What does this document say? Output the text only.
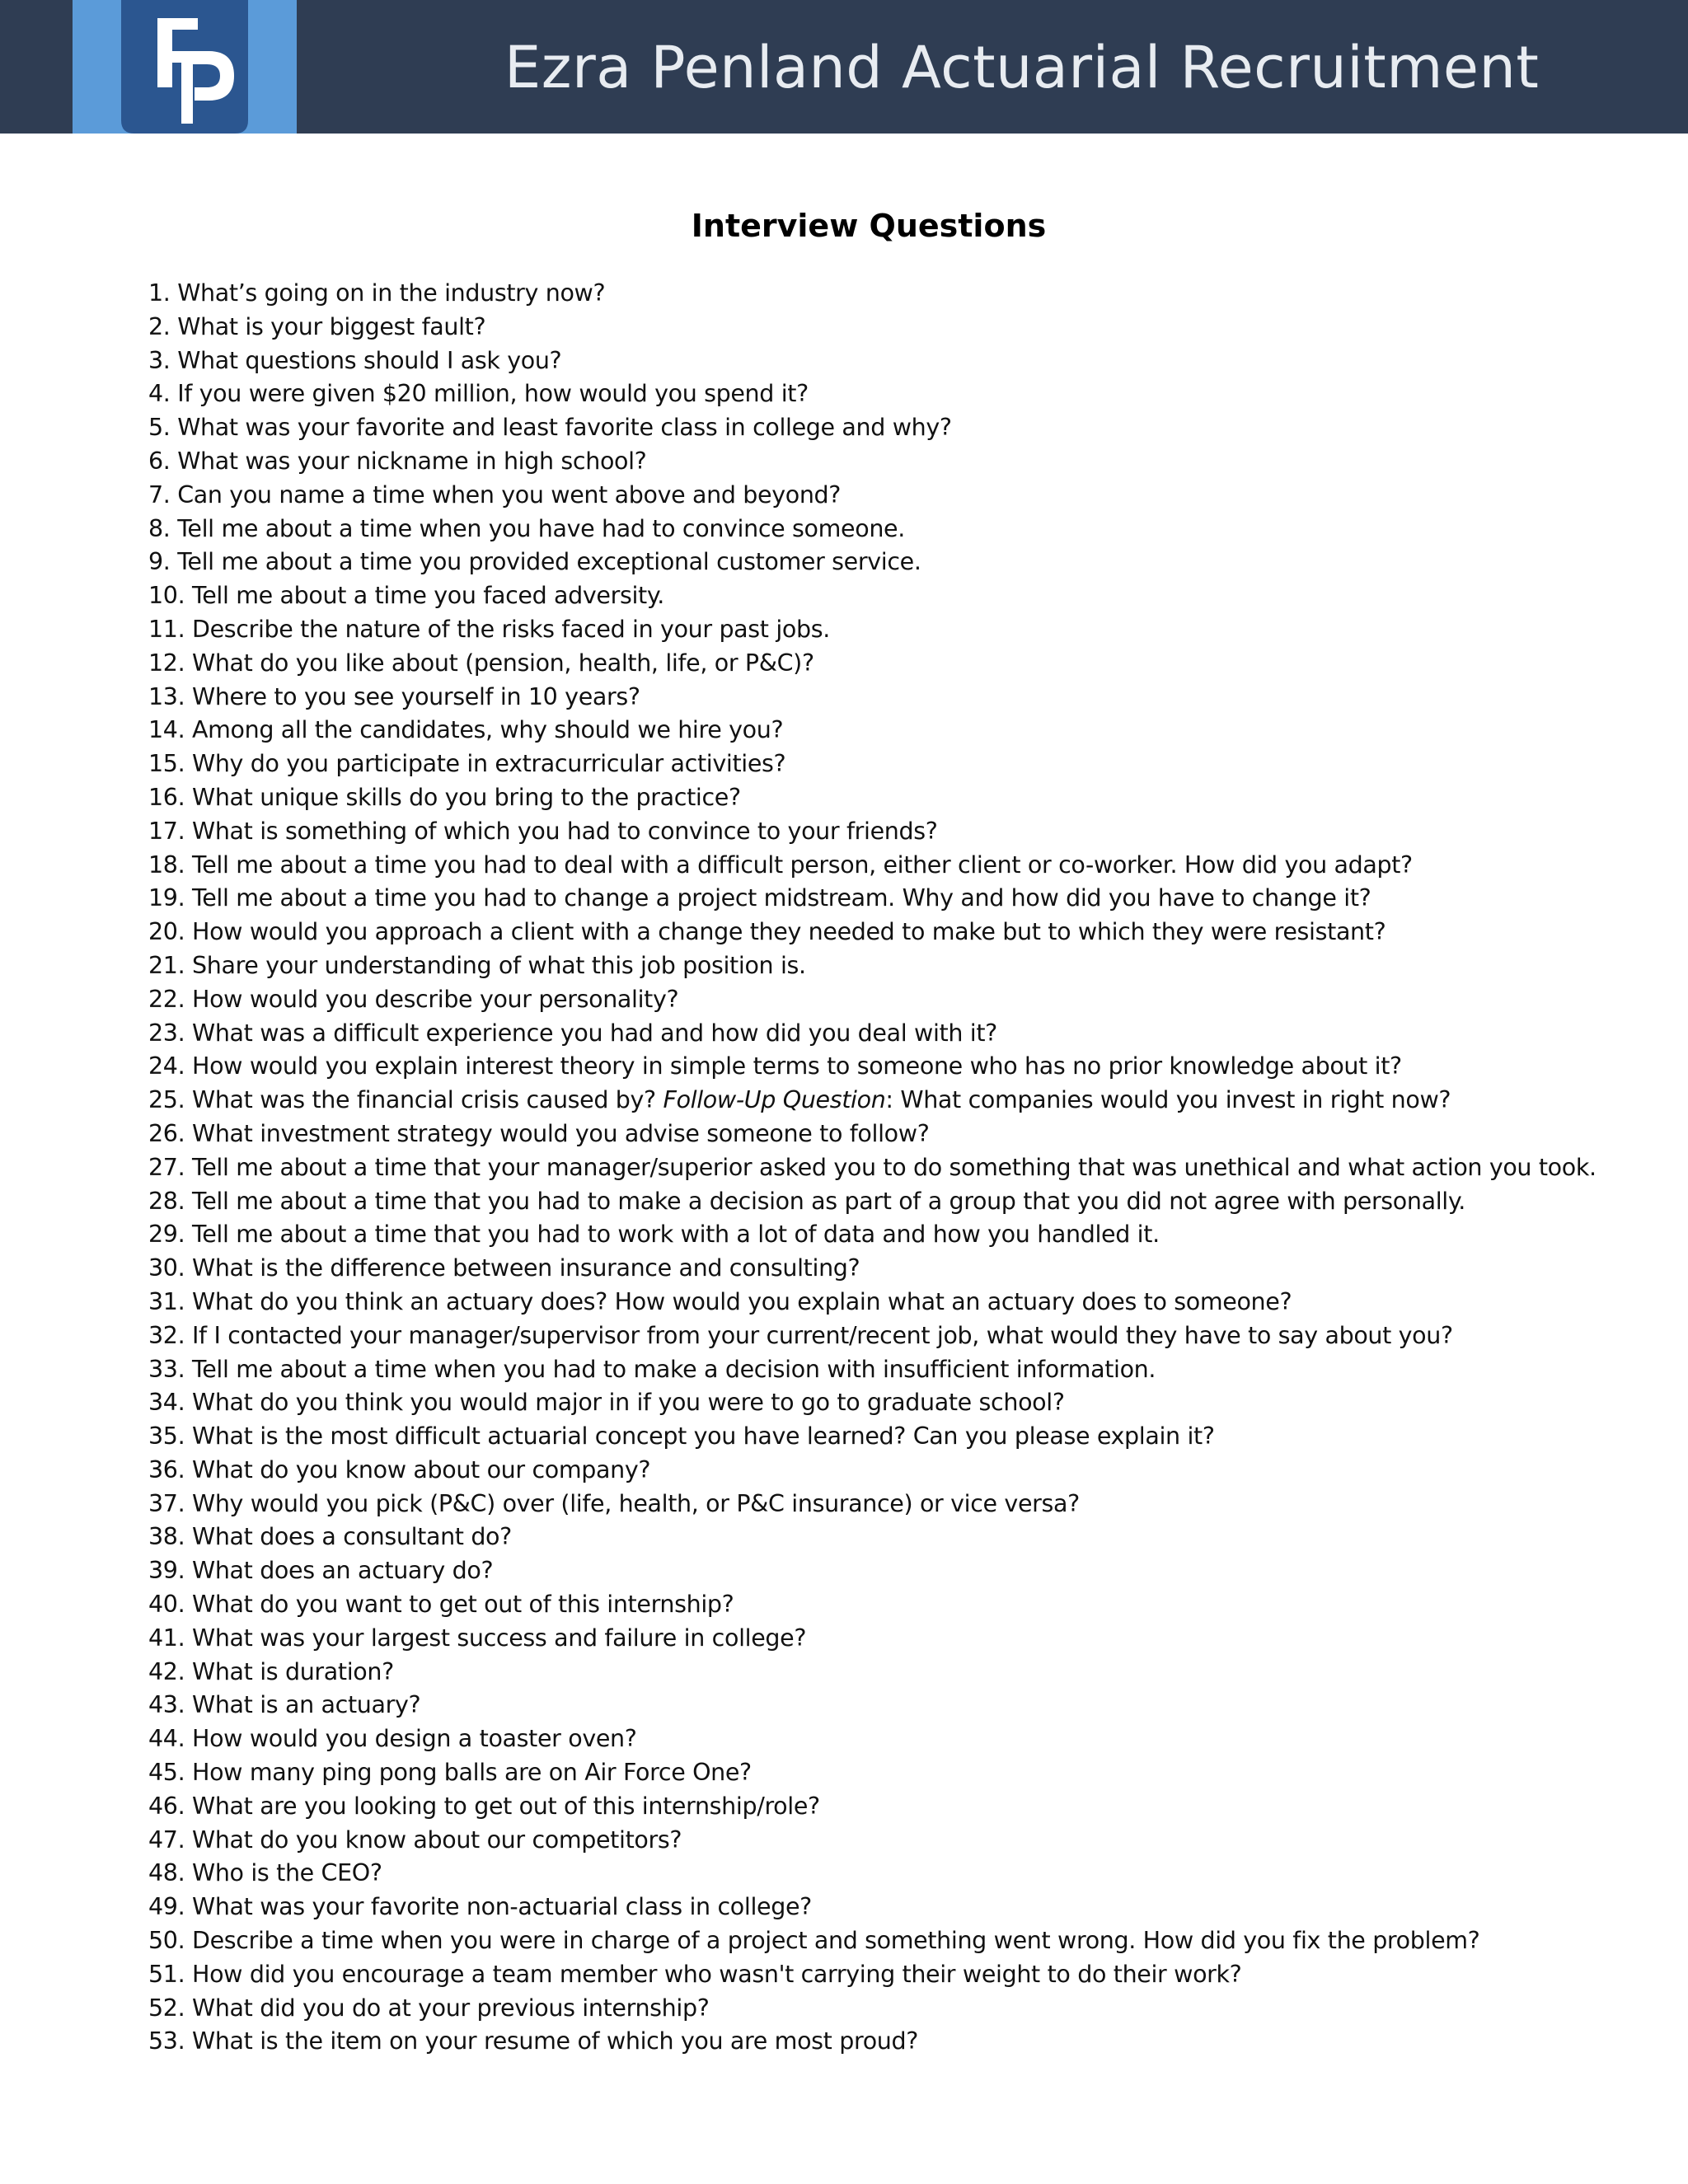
Ezra Penland Actuarial Recruitment
Interview Questions
1 . What’s going on in the industry now?
2 . What is your biggest fault?
3 . What questions should I ask you?
4 . If you were given $20 million, how would you spend it?
5 . What was your favorite and least favorite class in college and why?
6 . What was your nickname in high school?
7 . Can you name a time when you went above and beyond?
8 . Tell me about a time when you have had to convince someone.
9 . Tell me about a time you provided exceptional customer service.
10 . Tell me about a time you faced adversity.
11 . Describe the nature of the risks faced in your past jobs.
12 . What do you like about (pension, health, life, or P&C)?
13 . Where to you see yourself in 10 years?
14 . Among all the candidates, why should we hire you?
15 . Why do you participate in extracurricular activities?
16 . What unique skills do you bring to the practice?
17 . What is something of which you had to convince to your friends?
18 . Tell me about a time you had to deal with a difficult person, either client or co-worker. How did you adapt?
19 . Tell me about a time you had to change a project midstream. Why and how did you have to change it?
20 . How would you approach a client with a change they needed to make but to which they were resistant?
21 . Share your understanding of what this job position is.
22 . How would you describe your personality?
23 . What was a difficult experience you had and how did you deal with it?
24 . How would you explain interest theory in simple terms to someone who has no prior knowledge about it?
25 . What was the financial crisis caused by? Follow-Up Question: What companies would you invest in right now?
26 . What investment strategy would you advise someone to follow?
27 . Tell me about a time that your manager/superior asked you to do something that was unethical and what action you took.
28 . Tell me about a time that you had to make a decision as part of a group that you did not agree with personally.
29 . Tell me about a time that you had to work with a lot of data and how you handled it.
30 . What is the difference between insurance and consulting?
31 . What do you think an actuary does? How would you explain what an actuary does to someone?
32 . If I contacted your manager/supervisor from your current/recent job, what would they have to say about you?
33 . Tell me about a time when you had to make a decision with insufficient information.
34 . What do you think you would major in if you were to go to graduate school?
35 . What is the most difficult actuarial concept you have learned? Can you please explain it?
36 . What do you know about our company?
37 . Why would you pick (P&C) over (life, health, or P&C insurance) or vice versa?
38 . What does a consultant do?
39 . What does an actuary do?
40 . What do you want to get out of this internship?
41 . What was your largest success and failure in college?
42 . What is duration?
43 . What is an actuary?
44 . How would you design a toaster oven?
45 . How many ping pong balls are on Air Force One?
46 . What are you looking to get out of this internship/role?
47 . What do you know about our competitors?
48 . Who is the CEO?
49 . What was your favorite non-actuarial class in college?
50 . Describe a time when you were in charge of a project and something went wrong. How did you fix the problem?
51 . How did you encourage a team member who wasn't carrying their weight to do their work?
52 . What did you do at your previous internship?
53 . What is the item on your resume of which you are most proud?
